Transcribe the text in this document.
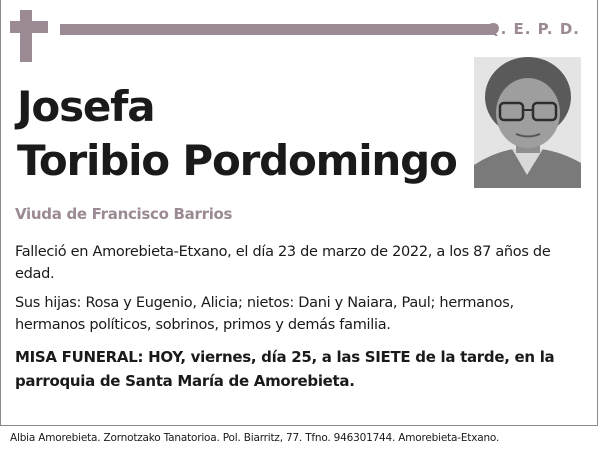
Q. E. P. D.
Josefa
Toribio Pordomingo
Viuda de Francisco Barrios
Falleció en Amorebieta-Etxano, el día 23 de marzo de 2022, a los 87 años de edad.
Sus hijas: Rosa y Eugenio, Alicia; nietos: Dani y Naiara, Paul; hermanos, hermanos políticos, sobrinos, primos y demás familia.
MISA FUNERAL: HOY, viernes, día 25, a las SIETE de la tarde, en la parroquia de Santa María de Amorebieta.
Albia Amorebieta. Zornotzako Tanatorioa. Pol. Biarritz, 77. Tfno. 946301744. Amorebieta-Etxano.
